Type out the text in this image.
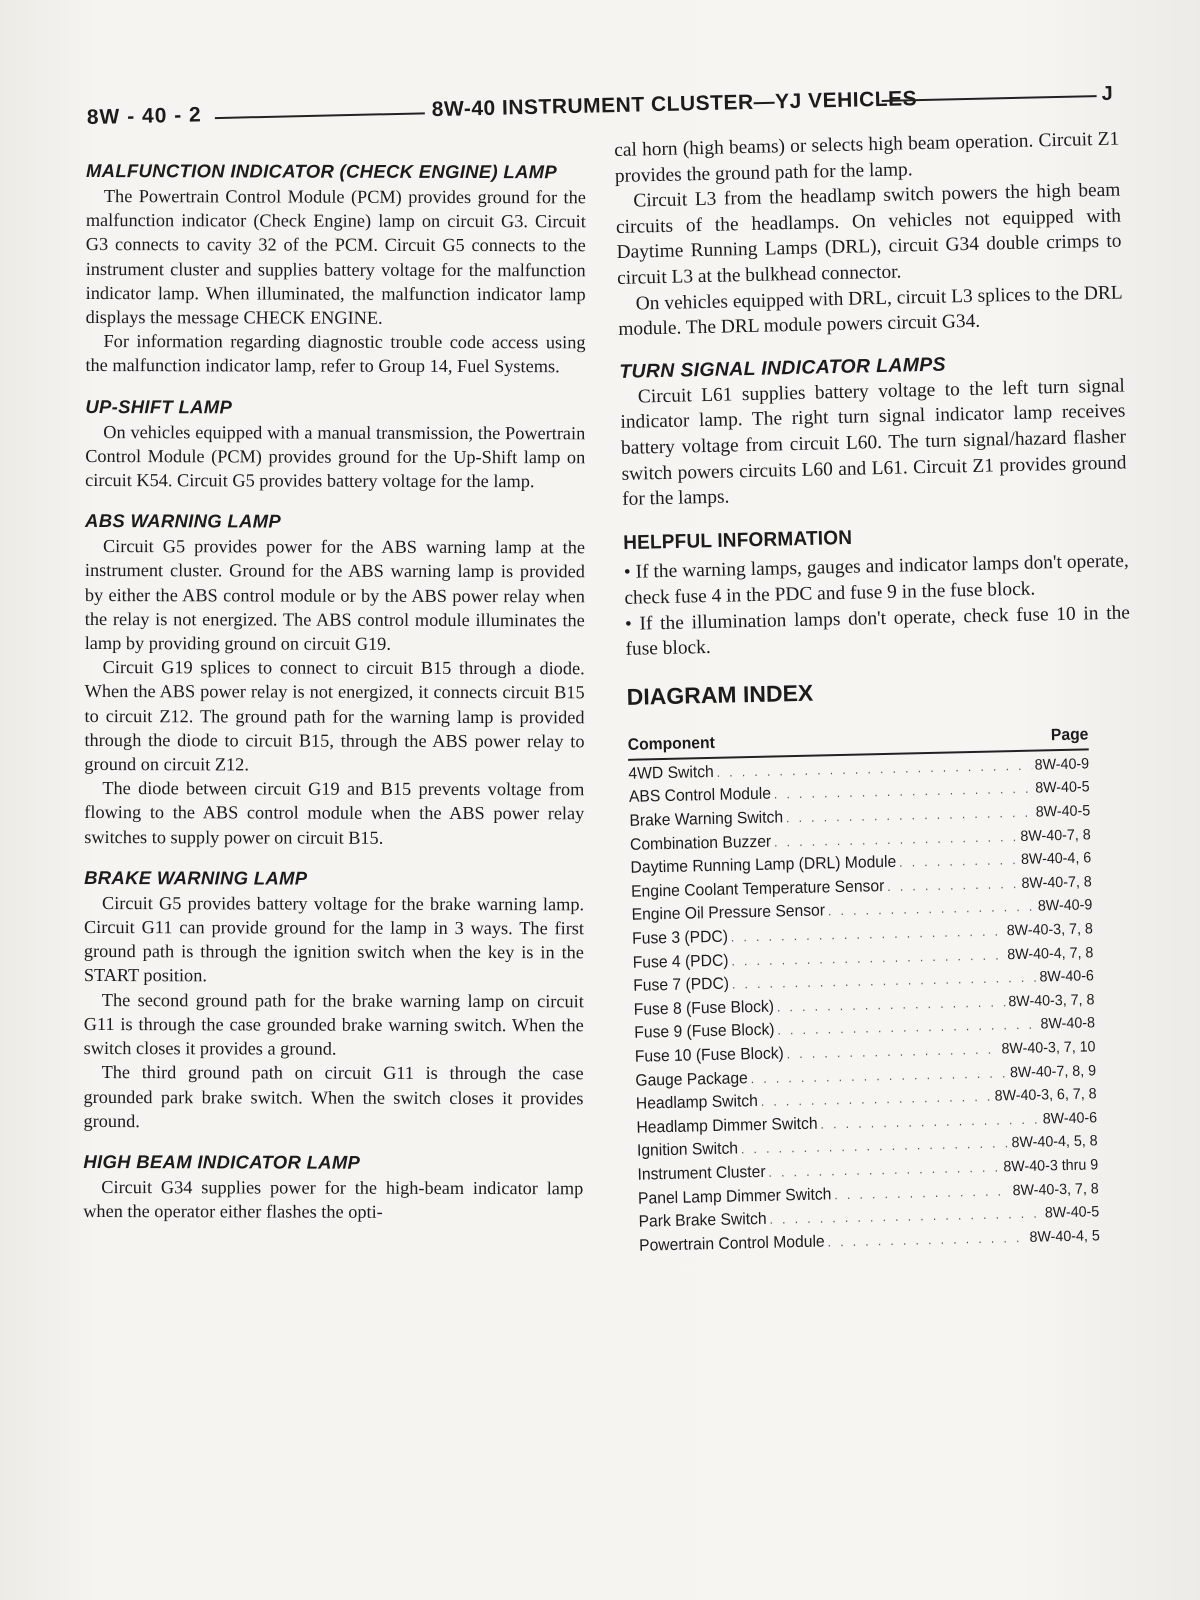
8W - 40 - 2	8W-40 INSTRUMENT CLUSTER—YJ VEHICLES	J
MALFUNCTION INDICATOR (CHECK ENGINE) LAMP

The Powertrain Control Module (PCM) provides ground for the malfunction indicator (Check Engine) lamp on circuit G3. Circuit G3 connects to cavity 32 of the PCM. Circuit G5 connects to the instrument cluster and supplies battery voltage for the malfunction indicator lamp. When illuminated, the malfunction indicator lamp displays the message CHECK ENGINE.

For information regarding diagnostic trouble code access using the malfunction indicator lamp, refer to Group 14, Fuel Systems.

UP-SHIFT LAMP

On vehicles equipped with a manual transmission, the Powertrain Control Module (PCM) provides ground for the Up-Shift lamp on circuit K54. Circuit G5 provides battery voltage for the lamp.

ABS WARNING LAMP

Circuit G5 provides power for the ABS warning lamp at the instrument cluster. Ground for the ABS warning lamp is provided by either the ABS control module or by the ABS power relay when the relay is not energized. The ABS control module illuminates the lamp by providing ground on circuit G19.

Circuit G19 splices to connect to circuit B15 through a diode. When the ABS power relay is not energized, it connects circuit B15 to circuit Z12. The ground path for the warning lamp is provided through the diode to circuit B15, through the ABS power relay to ground on circuit Z12.

The diode between circuit G19 and B15 prevents voltage from flowing to the ABS control module when the ABS power relay switches to supply power on circuit B15.

BRAKE WARNING LAMP

Circuit G5 provides battery voltage for the brake warning lamp. Circuit G11 can provide ground for the lamp in 3 ways. The first ground path is through the ignition switch when the key is in the START position.

The second ground path for the brake warning lamp on circuit G11 is through the case grounded brake warning switch. When the switch closes it provides a ground.

The third ground path on circuit G11 is through the case grounded park brake switch. When the switch closes it provides ground.

HIGH BEAM INDICATOR LAMP

Circuit G34 supplies power for the high-beam indicator lamp when the operator either flashes the opti-

cal horn (high beams) or selects high beam operation. Circuit Z1 provides the ground path for the lamp.

Circuit L3 from the headlamp switch powers the high beam circuits of the headlamps. On vehicles not equipped with Daytime Running Lamps (DRL), circuit G34 double crimps to circuit L3 at the bulkhead connector.

On vehicles equipped with DRL, circuit L3 splices to the DRL module. The DRL module powers circuit G34.

TURN SIGNAL INDICATOR LAMPS

Circuit L61 supplies battery voltage to the left turn signal indicator lamp. The right turn signal indicator lamp receives battery voltage from circuit L60. The turn signal/hazard flasher switch powers circuits L60 and L61. Circuit Z1 provides ground for the lamps.

HELPFUL INFORMATION

• If the warning lamps, gauges and indicator lamps don't operate, check fuse 4 in the PDC and fuse 9 in the fuse block.

• If the illumination lamps don't operate, check fuse 10 in the fuse block.

DIAGRAM INDEX
Component	Page
4WD Switch . . .	8W-40-9
ABS Control Module . . .	8W-40-5
Brake Warning Switch . . .	8W-40-5
Combination Buzzer . . .	8W-40-7, 8
Daytime Running Lamp (DRL) Module . . .	8W-40-4, 6
Engine Coolant Temperature Sensor . . .	8W-40-7, 8
Engine Oil Pressure Sensor . . .	8W-40-9
Fuse 3 (PDC) . . .	8W-40-3, 7, 8
Fuse 4 (PDC) . . .	8W-40-4, 7, 8
Fuse 7 (PDC) . . .	8W-40-6
Fuse 8 (Fuse Block) . . .	8W-40-3, 7, 8
Fuse 9 (Fuse Block) . . .	8W-40-8
Fuse 10 (Fuse Block) . . .	8W-40-3, 7, 10
Gauge Package . . .	8W-40-7, 8, 9
Headlamp Switch . . .	8W-40-3, 6, 7, 8
Headlamp Dimmer Switch . . .	8W-40-6
Ignition Switch . . .	8W-40-4, 5, 8
Instrument Cluster . . .	8W-40-3 thru 9
Panel Lamp Dimmer Switch . . .	8W-40-3, 7, 8
Park Brake Switch . . .	8W-40-5
Powertrain Control Module . . .	8W-40-4, 5
